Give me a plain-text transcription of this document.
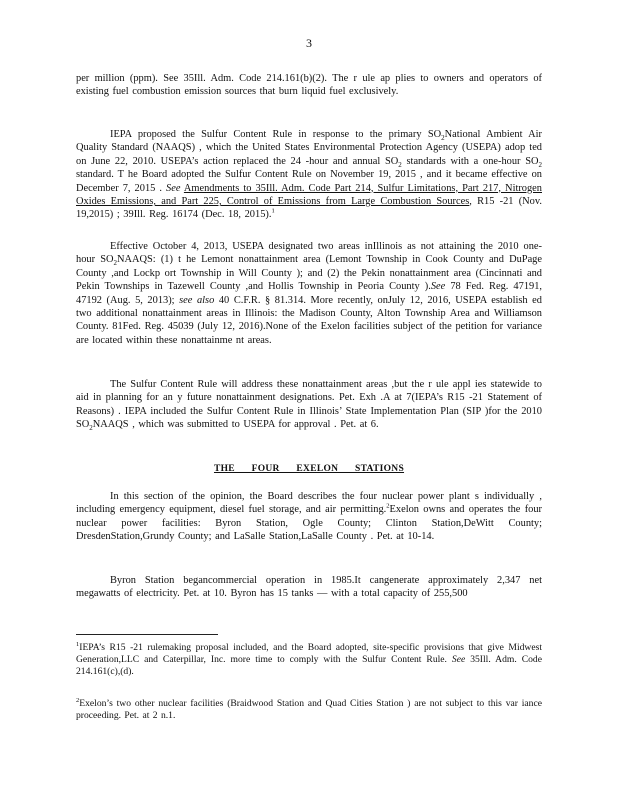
3

per million (ppm). See 35Ill. Adm. Code 214.161(b)(2). The r ule ap plies to owners and operators of existing fuel combustion emission sources that burn liquid fuel exclusively.

IEPA proposed the Sulfur Content Rule in response to the primary $SO_2National$ Ambient Air Quality Standard (NAAQS) , which the United States Environmental Protection Agency (USEPA) adop ted on June 22, 2010. USEPA’s action replaced the 24 -hour and annual $SO_2$ standards with a one-hour $SO_2$ standard. T he Board adopted the Sulfur Content Rule on November 19, 2015 , and it became effective on December 7, 2015 . See Amendments to 35Ill. Adm. Code Part 214, Sulfur Limitations, Part 217, Nitrogen Oxides Emissions, and Part 225, Control of Emissions from Large Combustion Sources, R15 -21 (Nov. 19,2015) ; 39Ill. Reg. 16174 (Dec. 18, 2015).$^1$

Effective October 4, 2013, USEPA designated two areas inIllinois as not attaining the 2010 one-hour $SO_2NAAQS$: (1) t he Lemont nonattainment area (Lemont Township in Cook County and DuPage County ,and Lockp ort Township in Will County ); and (2) the Pekin nonattainment area (Cincinnati and Pekin Townships in Tazewell County ,and Hollis Township in Peoria County ).See 78 Fed. Reg. 47191, 47192 (Aug. 5, 2013); see also 40 C.F.R. § 81.314. More recently, onJuly 12, 2016, USEPA establish ed two additional nonattainment areas in Illinois: the Madison County, Alton Township Area and Williamson County. 81Fed. Reg. 45039 (July 12, 2016).None of the Exelon facilities subject of the petition for variance are located within these nonattainme nt areas.

The Sulfur Content Rule will address these nonattainment areas ,but the r ule appl ies statewide to aid in planning for an y future nonattainment designations. Pet. Exh .A at 7(IEPA’s R15 -21 Statement of Reasons) . IEPA included the Sulfur Content Rule in Illinois’ State Implementation Plan (SIP )for the 2010 $SO_2NAAQS$ , which was submitted to USEPA for approval . Pet. at 6.

THE FOUR EXELON STATIONS

In this section of the opinion, the Board describes the four nuclear power plant s individually , including emergency equipment, diesel fuel storage, and air permitting.$^2$Exelon owns and operates the four nuclear power facilities: Byron Station, Ogle County; Clinton Station,DeWitt County; DresdenStation,Grundy County; and LaSalle Station,LaSalle County . Pet. at 10-14.

Byron Station begancommercial operation in 1985.It cangenerate approximately 2,347 net megawatts of electricity. Pet. at 10. Byron has 15 tanks — with a total capacity of 255,500

$^1$IEPA’s R15 -21 rulemaking proposal included, and the Board adopted, site-specific provisions that give Midwest Generation,LLC and Caterpillar, Inc. more time to comply with the Sulfur Content Rule. See 35Ill. Adm. Code 214.161(c),(d).

$^2$Exelon’s two other nuclear facilities (Braidwood Station and Quad Cities Station ) are not subject to this var iance proceeding. Pet. at 2 n.1.
